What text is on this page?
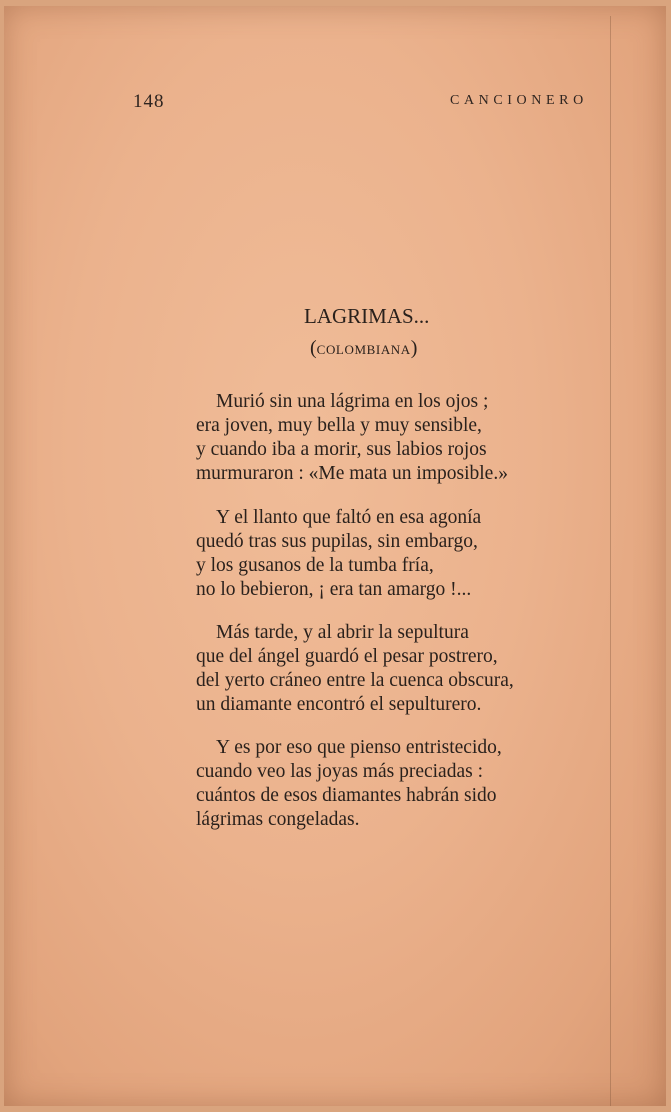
148	CANCIONERO
LAGRIMAS...
(COLOMBIANA)
Murió sin una lágrima en los ojos ;
era joven, muy bella y muy sensible,
y cuando iba a morir, sus labios rojos
murmuraron : «Me mata un imposible.»
Y el llanto que faltó en esa agonía
quedó tras sus pupilas, sin embargo,
y los gusanos de la tumba fría,
no lo bebieron, ¡ era tan amargo !...
Más tarde, y al abrir la sepultura
que del ángel guardó el pesar postrero,
del yerto cráneo entre la cuenca obscura,
un diamante encontró el sepulturero.
Y es por eso que pienso entristecido,
cuando veo las joyas más preciadas :
cuántos de esos diamantes habrán sido
lágrimas congeladas.
